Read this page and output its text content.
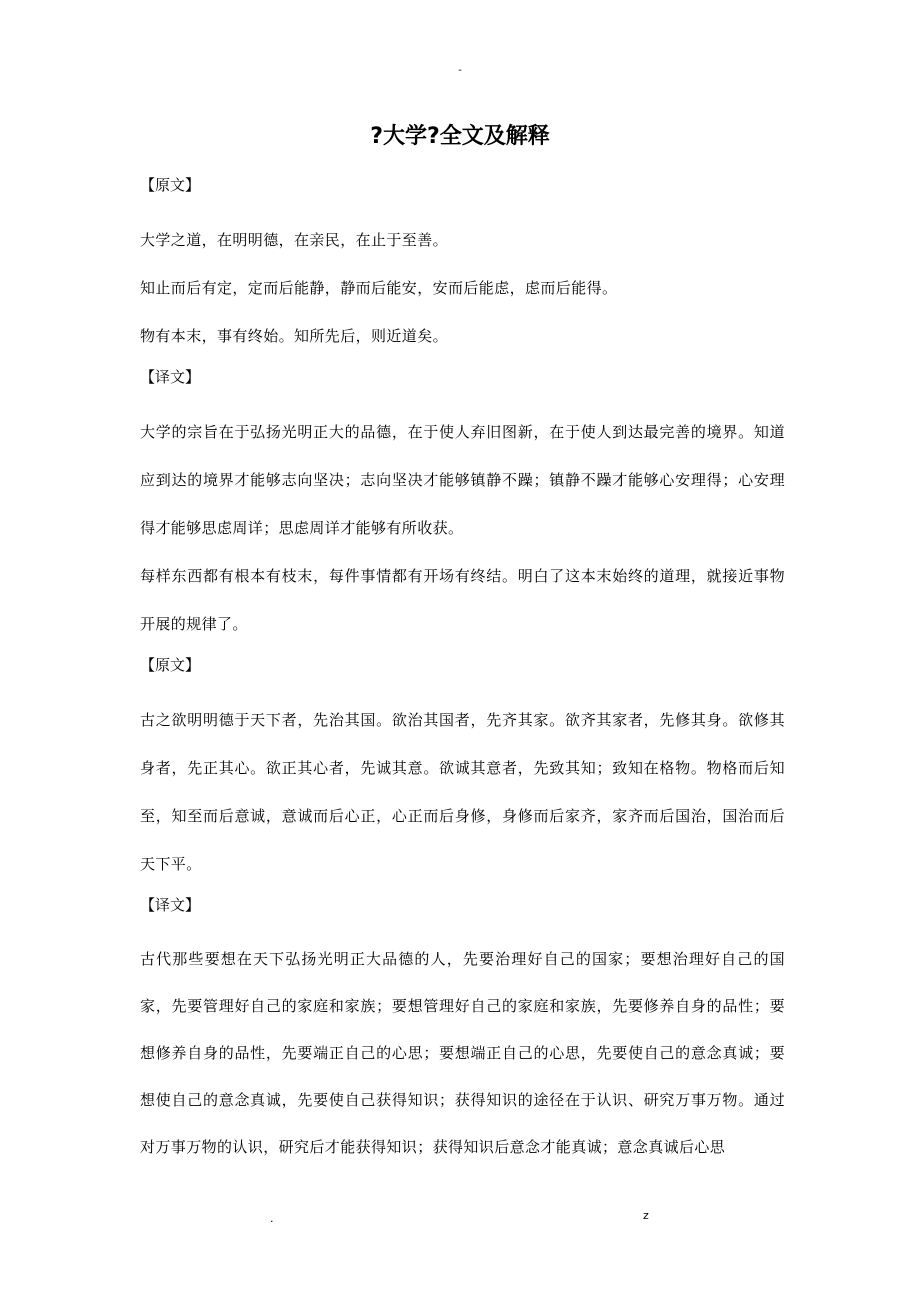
-
?大学?全文及解释
【原文】

大学之道，在明明德，在亲民，在止于至善。

知止而后有定，定而后能静，静而后能安，安而后能虑，虑而后能得。

物有本末，事有终始。知所先后，则近道矣。

【译文】

大学的宗旨在于弘扬光明正大的品德，在于使人弃旧图新，在于使人到达最完善的境界。知道应到达的境界才能够志向坚决；志向坚决才能够镇静不躁；镇静不躁才能够心安理得；心安理得才能够思虑周详；思虑周详才能够有所收获。

每样东西都有根本有枝末，每件事情都有开场有终结。明白了这本末始终的道理，就接近事物开展的规律了。

【原文】

古之欲明明德于天下者，先治其国。欲治其国者，先齐其家。欲齐其家者，先修其身。欲修其身者，先正其心。欲正其心者，先诚其意。欲诚其意者，先致其知；致知在格物。物格而后知至，知至而后意诚，意诚而后心正，心正而后身修，身修而后家齐，家齐而后国治，国治而后天下平。

【译文】

古代那些要想在天下弘扬光明正大品德的人，先要治理好自己的国家；要想治理好自己的国家，先要管理好自己的家庭和家族；要想管理好自己的家庭和家族，先要修养自身的品性；要想修养自身的品性，先要端正自己的心思；要想端正自己的心思，先要使自己的意念真诚；要想使自己的意念真诚，先要使自己获得知识；获得知识的途径在于认识、研究万事万物。通过对万事万物的认识，研究后才能获得知识；获得知识后意念才能真诚；意念真诚后心思

.	z
